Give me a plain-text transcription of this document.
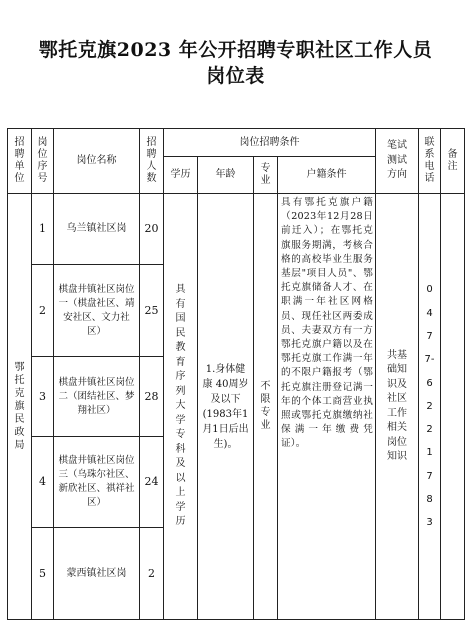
鄂托克旗2023 年公开招聘专职社区工作人员
岗位表
招聘单位	岗位序号	岗位名称	招聘人数	岗位招聘条件				笔试测试方向	联系电话	备注
				学历	年龄	专业	户籍条件			
鄂托克旗民政局	1	乌兰镇社区岗	20	具有国民教育序列大学专科及以上学历	1.身体健康 40周岁及以下 (1983年1月1日后出生)。	不限专业	具有鄂托克旗户籍（2023年12月28日前迁入）；在鄂托克旗服务期满，考核合格的高校毕业生服务基层"项目人员"、鄂托克旗储备人才、在职满一年社区网格员、现任社区两委成员、夫妻双方有一方鄂托克旗户籍以及在鄂托克旗工作满一年的不限户籍报考（鄂托克旗注册登记满一年的个体工商营业执照或鄂托克旗缴纳社保满一年缴费凭证）。	共基础知识及社区工作相关岗位知识	0477-6221783	
	2	棋盘井镇社区岗位一（棋盘社区、靖安社区、文力社区）	25							
	3	棋盘井镇社区岗位二（团结社区、梦翔社区）	28							
	4	棋盘井镇社区岗位三（乌珠尔社区、新欣社区、祺祥社区）	24							
	5	蒙西镇社区岗	2							
